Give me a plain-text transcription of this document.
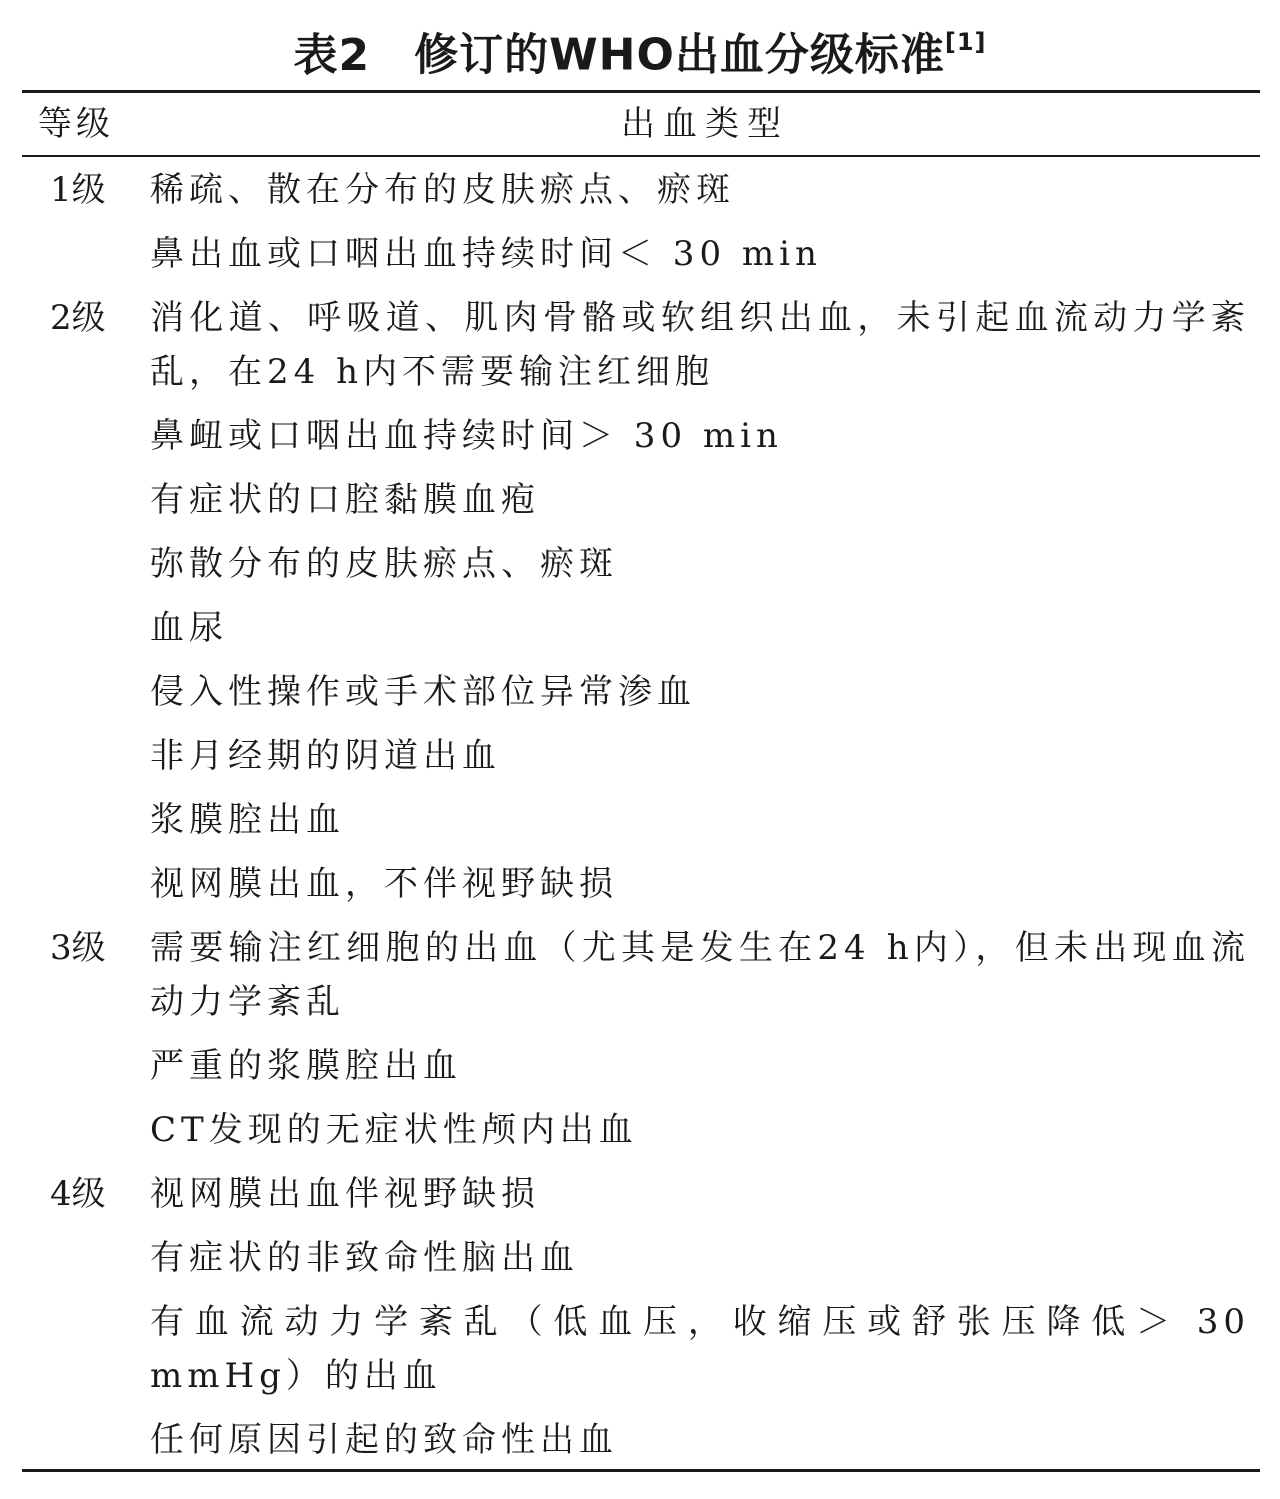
表2 修订的WHO出血分级标准[1]
等级	出血类型
1级 稀疏、散在分布的皮肤瘀点、瘀斑
鼻出血或口咽出血持续时间＜ 30 min
2级 消化道、呼吸道、肌肉骨骼或软组织出血，未引起血流动力学紊乱，在24 h内不需要输注红细胞
鼻衄或口咽出血持续时间＞ 30 min
有症状的口腔黏膜血疱
弥散分布的皮肤瘀点、瘀斑
血尿
侵入性操作或手术部位异常渗血
非月经期的阴道出血
浆膜腔出血
视网膜出血，不伴视野缺损
3级 需要输注红细胞的出血（尤其是发生在24 h内），但未出现血流动力学紊乱
严重的浆膜腔出血
CT发现的无症状性颅内出血
4级 视网膜出血伴视野缺损
有症状的非致命性脑出血
有血流动力学紊乱（低血压，收缩压或舒张压降低＞ 30 mmHg）的出血
任何原因引起的致命性出血
